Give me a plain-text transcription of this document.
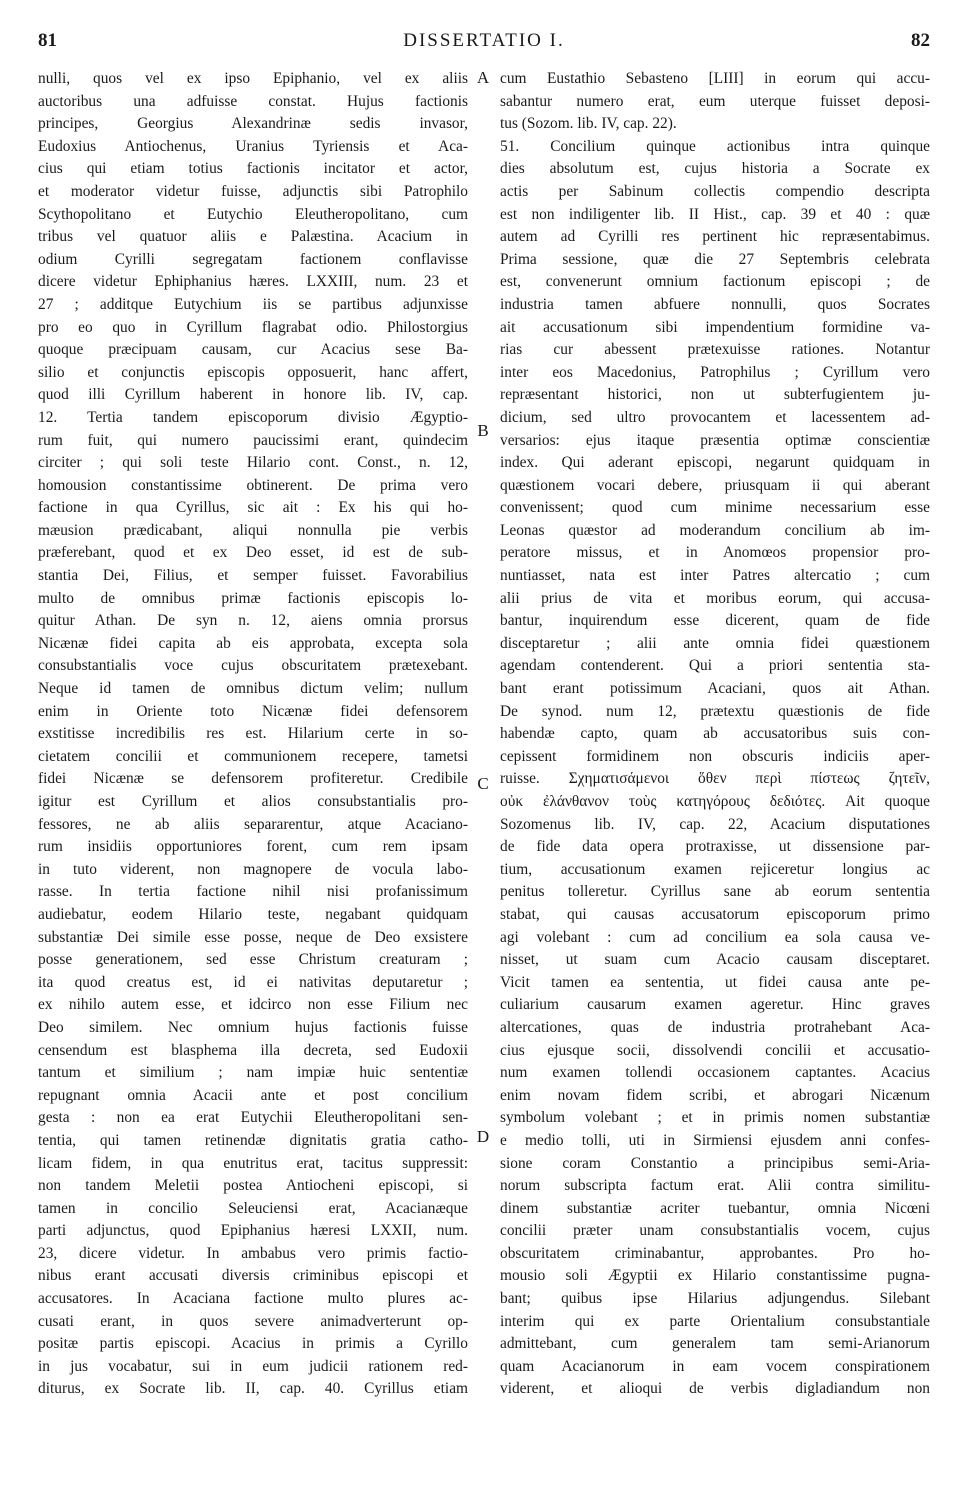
81	DISSERTATIO I.	82
nulli, quos vel ex ipso Epiphanio, vel ex aliis
auctoribus una adfuisse constat. Hujus factionis
principes, Georgius Alexandrinæ sedis invasor,
Eudoxius Antiochenus, Uranius Tyriensis et Aca-
cius qui etiam totius factionis incitator et actor,
et moderator videtur fuisse, adjunctis sibi Patrophilo
Scythopolitano et Eutychio Eleutheropolitano, cum
tribus vel quatuor aliis e Palæstina. Acacium in
odium Cyrilli segregatam factionem conflavisse
dicere videtur Ephiphanius hæres. LXXIII, num. 23 et
27 ; additque Eutychium iis se partibus adjunxisse
pro eo quo in Cyrillum flagrabat odio. Philostorgius
quoque præcipuam causam, cur Acacius sese Ba-
silio et conjunctis episcopis opposuerit, hanc affert,
quod illi Cyrillum haberent in honore lib. IV, cap.
12. Tertia tandem episcoporum divisio Ægyptio-
rum fuit, qui numero paucissimi erant, quindecim
circiter ; qui soli teste Hilario cont. Const., n. 12,
homousion constantissime obtinerent. De prima vero
factione in qua Cyrillus, sic ait : Ex his qui ho-
mæusion prædicabant, aliqui nonnulla pie verbis
præferebant, quod et ex Deo esset, id est de sub-
stantia Dei, Filius, et semper fuisset. Favorabilius
multo de omnibus primæ factionis episcopis lo-
quitur Athan. De syn n. 12, aiens omnia prorsus
Nicænæ fidei capita ab eis approbata, excepta sola
consubstantialis voce cujus obscuritatem prætexebant.
Neque id tamen de omnibus dictum velim; nullum
enim in Oriente toto Nicænæ fidei defensorem
exstitisse incredibilis res est. Hilarium certe in so-
cietatem concilii et communionem recepere, tametsi
fidei Nicænæ se defensorem profiteretur. Credibile
igitur est Cyrillum et alios consubstantialis pro-
fessores, ne ab aliis separarentur, atque Acaciano-
rum insidiis opportuniores forent, cum rem ipsam
in tuto viderent, non magnopere de vocula labo-
rasse. In tertia factione nihil nisi profanissimum
audiebatur, eodem Hilario teste, negabant quidquam
substantiæ Dei simile esse posse, neque de Deo exsistere
posse generationem, sed esse Christum creaturam ;
ita quod creatus est, id ei nativitas deputaretur ;
ex nihilo autem esse, et idcirco non esse Filium nec
Deo similem. Nec omnium hujus factionis fuisse
censendum est blasphema illa decreta, sed Eudoxii
tantum et similium ; nam impiæ huic sententiæ
repugnant omnia Acacii ante et post concilium
gesta : non ea erat Eutychii Eleutheropolitani sen-
tentia, qui tamen retinendæ dignitatis gratia catho-
licam fidem, in qua enutritus erat, tacitus suppressit:
non tandem Meletii postea Antiocheni episcopi, si
tamen in concilio Seleuciensi erat, Acacianæque
parti adjunctus, quod Epiphanius hæresi LXXII, num.
23, dicere videtur. In ambabus vero primis factio-
nibus erant accusati diversis criminibus episcopi et
accusatores. In Acaciana factione multo plures ac-
cusati erant, in quos severe animadverterunt op-
positæ partis episcopi. Acacius in primis a Cyrillo
in jus vocabatur, sui in eum judicii rationem red-
diturus, ex Socrate lib. II, cap. 40. Cyrillus etiam
cum Eustathio Sebasteno [LIII] in eorum qui accu-
sabantur numero erat, eum uterque fuisset deposi-
tus (Sozom. lib. IV, cap. 22).
51. Concilium quinque actionibus intra quinque
dies absolutum est, cujus historia a Socrate ex
actis per Sabinum collectis compendio descripta
est non indiligenter lib. II Hist., cap. 39 et 40 : quæ
autem ad Cyrilli res pertinent hic repræsentabimus.
Prima sessione, quæ die 27 Septembris celebrata
est, convenerunt omnium factionum episcopi ; de
industria tamen abfuere nonnulli, quos Socrates
ait accusationum sibi impendentium formidine va-
rias cur abessent prætexuisse rationes. Notantur
inter eos Macedonius, Patrophilus ; Cyrillum vero
repræsentant historici, non ut subterfugientem ju-
dicium, sed ultro provocantem et lacessentem ad-
versarios: ejus itaque præsentia optimæ conscientiæ
index. Qui aderant episcopi, negarunt quidquam in
quæstionem vocari debere, priusquam ii qui aberant
convenissent; quod cum minime necessarium esse
Leonas quæstor ad moderandum concilium ab im-
peratore missus, et in Anomœos propensior pro-
nuntiasset, nata est inter Patres altercatio ; cum
alii prius de vita et moribus eorum, qui accusa-
bantur, inquirendum esse dicerent, quam de fide
disceptaretur ; alii ante omnia fidei quæstionem
agendam contenderent. Qui a priori sententia sta-
bant erant potissimum Acaciani, quos ait Athan.
De synod. num 12, prætextu quæstionis de fide
habendæ capto, quam ab accusatoribus suis con-
cepissent formidinem non obscuris indiciis aper-
ruisse. Σχηματισάμενοι ὅθεν περὶ πίστεως ζητεῖν,
οὐκ ἐλάνθανον τοὺς κατηγόρους δεδιότες. Ait quoque
Sozomenus lib. IV, cap. 22, Acacium disputationes
de fide data opera protraxisse, ut dissensione par-
tium, accusationum examen rejiceretur longius ac
penitus tolleretur. Cyrillus sane ab eorum sententia
stabat, qui causas accusatorum episcoporum primo
agi volebant : cum ad concilium ea sola causa ve-
nisset, ut suam cum Acacio causam disceptaret.
Vicit tamen ea sententia, ut fidei causa ante pe-
culiarium causarum examen ageretur. Hinc graves
altercationes, quas de industria protrahebant Aca-
cius ejusque socii, dissolvendi concilii et accusatio-
num examen tollendi occasionem captantes. Acacius
enim novam fidem scribi, et abrogari Nicænum
symbolum volebant ; et in primis nomen substantiæ
e medio tolli, uti in Sirmiensi ejusdem anni confes-
sione coram Constantio a principibus semi-Aria-
norum subscripta factum erat. Alii contra similitu-
dinem substantiæ acriter tuebantur, omnia Nicœni
concilii præter unam consubstantialis vocem, cujus
obscuritatem criminabantur, approbantes. Pro ho-
mousio soli Ægyptii ex Hilario constantissime pugna-
bant; quibus ipse Hilarius adjungendus. Silebant
interim qui ex parte Orientalium consubstantiale
admittebant, cum generalem tam semi-Arianorum
quam Acacianorum in eam vocem conspirationem
viderent, et alioqui de verbis digladiandum non
A
B
C
D
